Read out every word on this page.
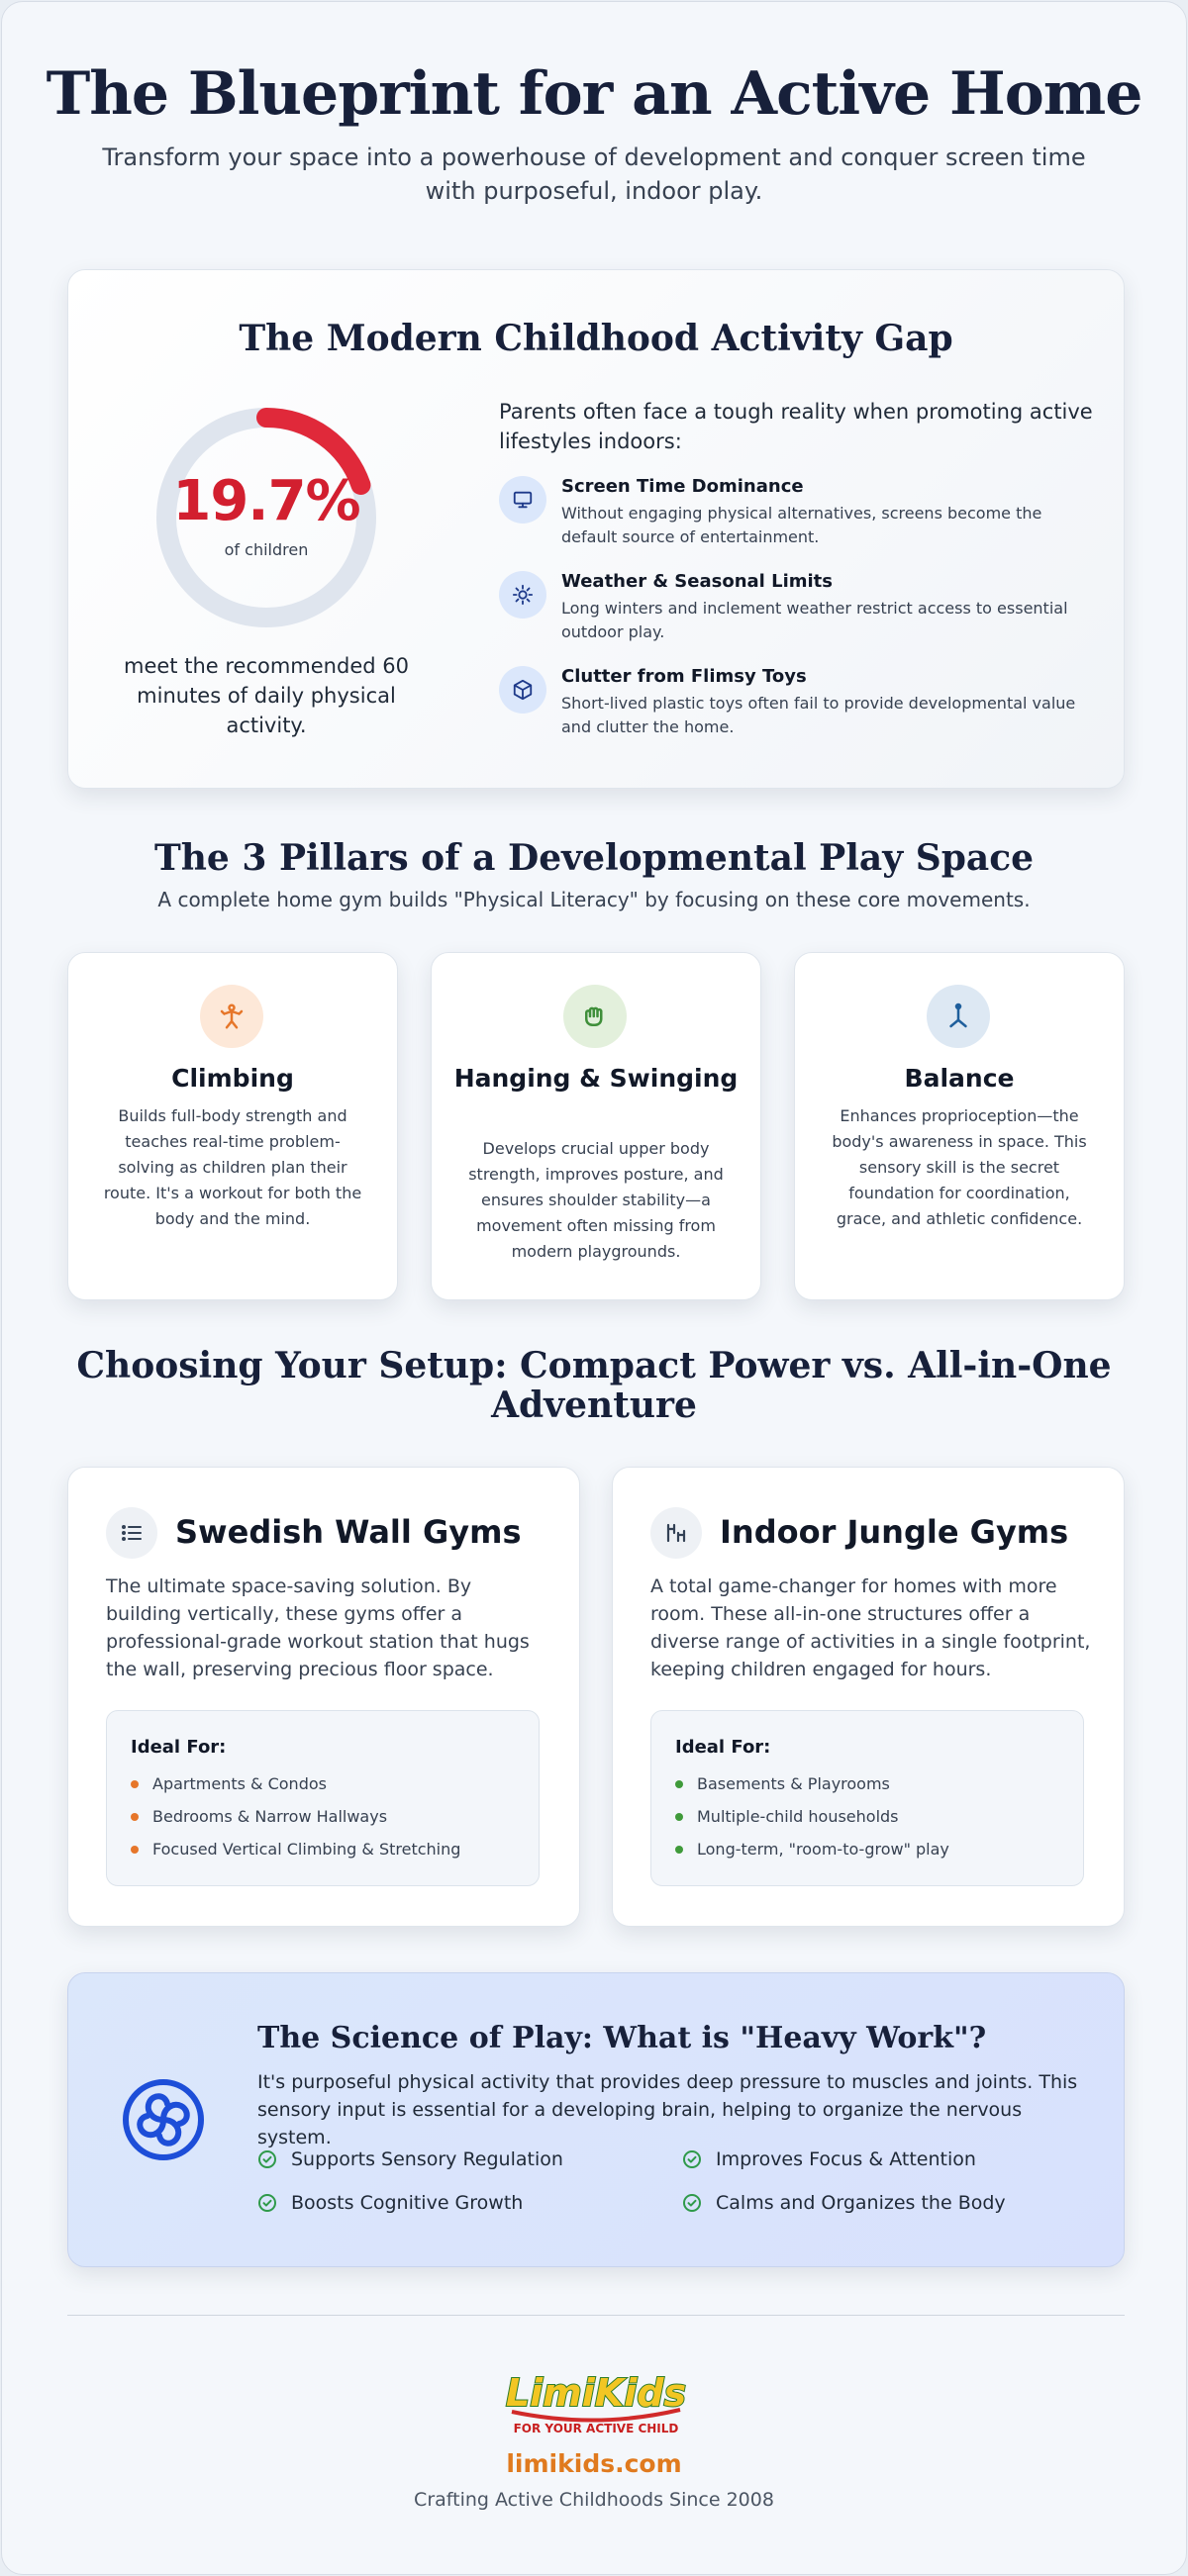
The Blueprint for an Active Home
Transform your space into a powerhouse of development and conquer screen time with purposeful, indoor play.
The Modern Childhood Activity Gap
19.7%
of children
meet the recommended 60 minutes of daily physical activity.
Parents often face a tough reality when promoting active lifestyles indoors:
Screen Time Dominance
Without engaging physical alternatives, screens become the default source of entertainment.
Weather & Seasonal Limits
Long winters and inclement weather restrict access to essential outdoor play.
Clutter from Flimsy Toys
Short-lived plastic toys often fail to provide developmental value and clutter the home.
The 3 Pillars of a Developmental Play Space
A complete home gym builds "Physical Literacy" by focusing on these core movements.
Climbing
Builds full-body strength and teaches real-time problem-solving as children plan their route. It's a workout for both the body and the mind.
Hanging & Swinging
Develops crucial upper body strength, improves posture, and ensures shoulder stability—a movement often missing from modern playgrounds.
Balance
Enhances proprioception—the body's awareness in space. This sensory skill is the secret foundation for coordination, grace, and athletic confidence.
Choosing Your Setup: Compact Power vs. All-in-One Adventure
Swedish Wall Gyms
The ultimate space-saving solution. By building vertically, these gyms offer a professional-grade workout station that hugs the wall, preserving precious floor space.
Ideal For:
Apartments & Condos
Bedrooms & Narrow Hallways
Focused Vertical Climbing & Stretching
Indoor Jungle Gyms
A total game-changer for homes with more room. These all-in-one structures offer a diverse range of activities in a single footprint, keeping children engaged for hours.
Ideal For:
Basements & Playrooms
Multiple-child households
Long-term, "room-to-grow" play
The Science of Play: What is "Heavy Work"?
It's purposeful physical activity that provides deep pressure to muscles and joints. This sensory input is essential for a developing brain, helping to organize the nervous system.
Supports Sensory Regulation	Improves Focus & Attention
Boosts Cognitive Growth	Calms and Organizes the Body
LimiKids
FOR YOUR ACTIVE CHILD
limikids.com
Crafting Active Childhoods Since 2008
